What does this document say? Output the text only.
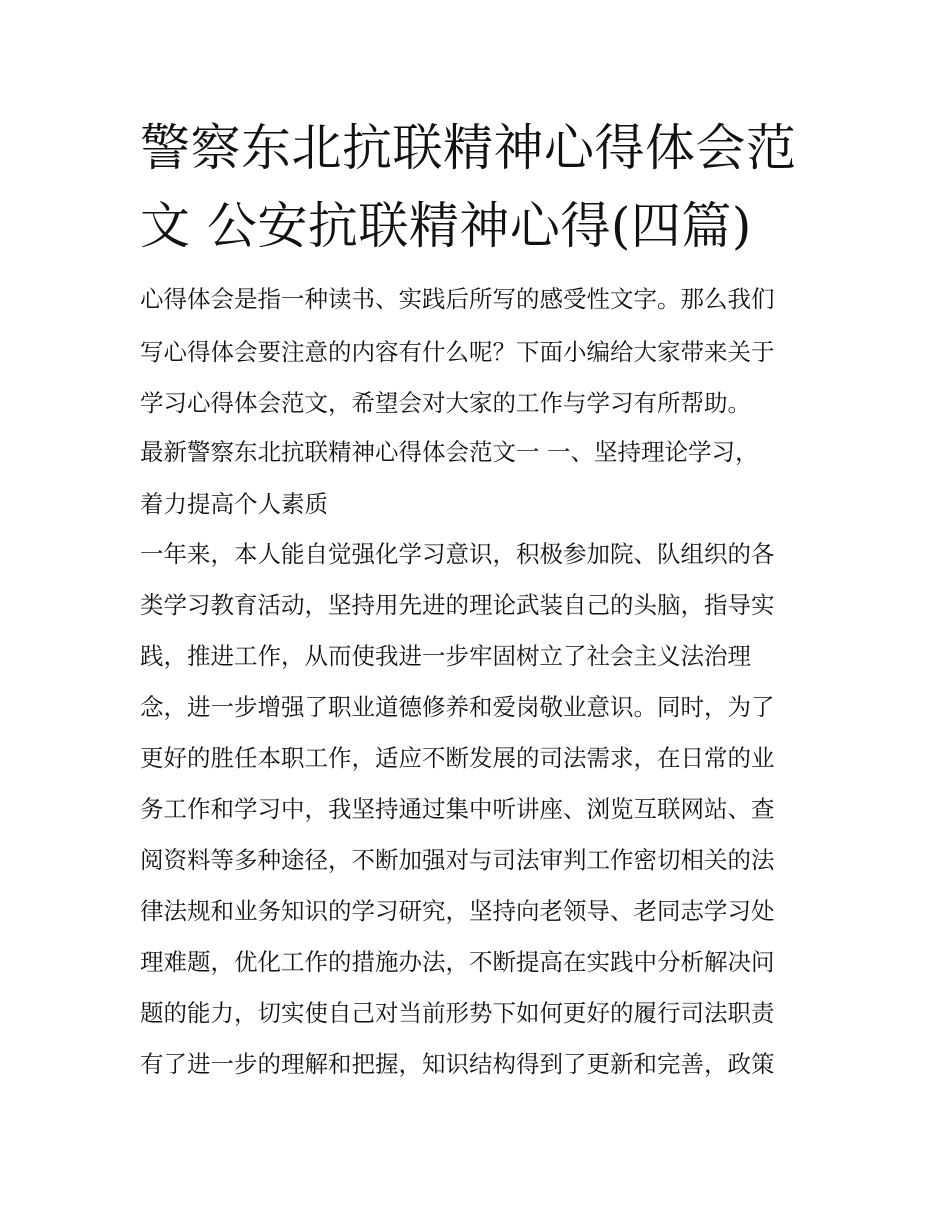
警察东北抗联精神心得体会范
文 公安抗联精神心得(四篇)
心得体会是指一种读书、实践后所写的感受性文字。那么我们
写心得体会要注意的内容有什么呢？下面小编给大家带来关于
学习心得体会范文，希望会对大家的工作与学习有所帮助。
最新警察东北抗联精神心得体会范文一 一、坚持理论学习，
着力提高个人素质
一年来，本人能自觉强化学习意识，积极参加院、队组织的各
类学习教育活动，坚持用先进的理论武装自己的头脑，指导实
践，推进工作，从而使我进一步牢固树立了社会主义法治理
念，进一步增强了职业道德修养和爱岗敬业意识。同时，为了
更好的胜任本职工作，适应不断发展的司法需求，在日常的业
务工作和学习中，我坚持通过集中听讲座、浏览互联网站、查
阅资料等多种途径，不断加强对与司法审判工作密切相关的法
律法规和业务知识的学习研究，坚持向老领导、老同志学习处
理难题，优化工作的措施办法，不断提高在实践中分析解决问
题的能力，切实使自己对当前形势下如何更好的履行司法职责
有了进一步的理解和把握，知识结构得到了更新和完善，政策
